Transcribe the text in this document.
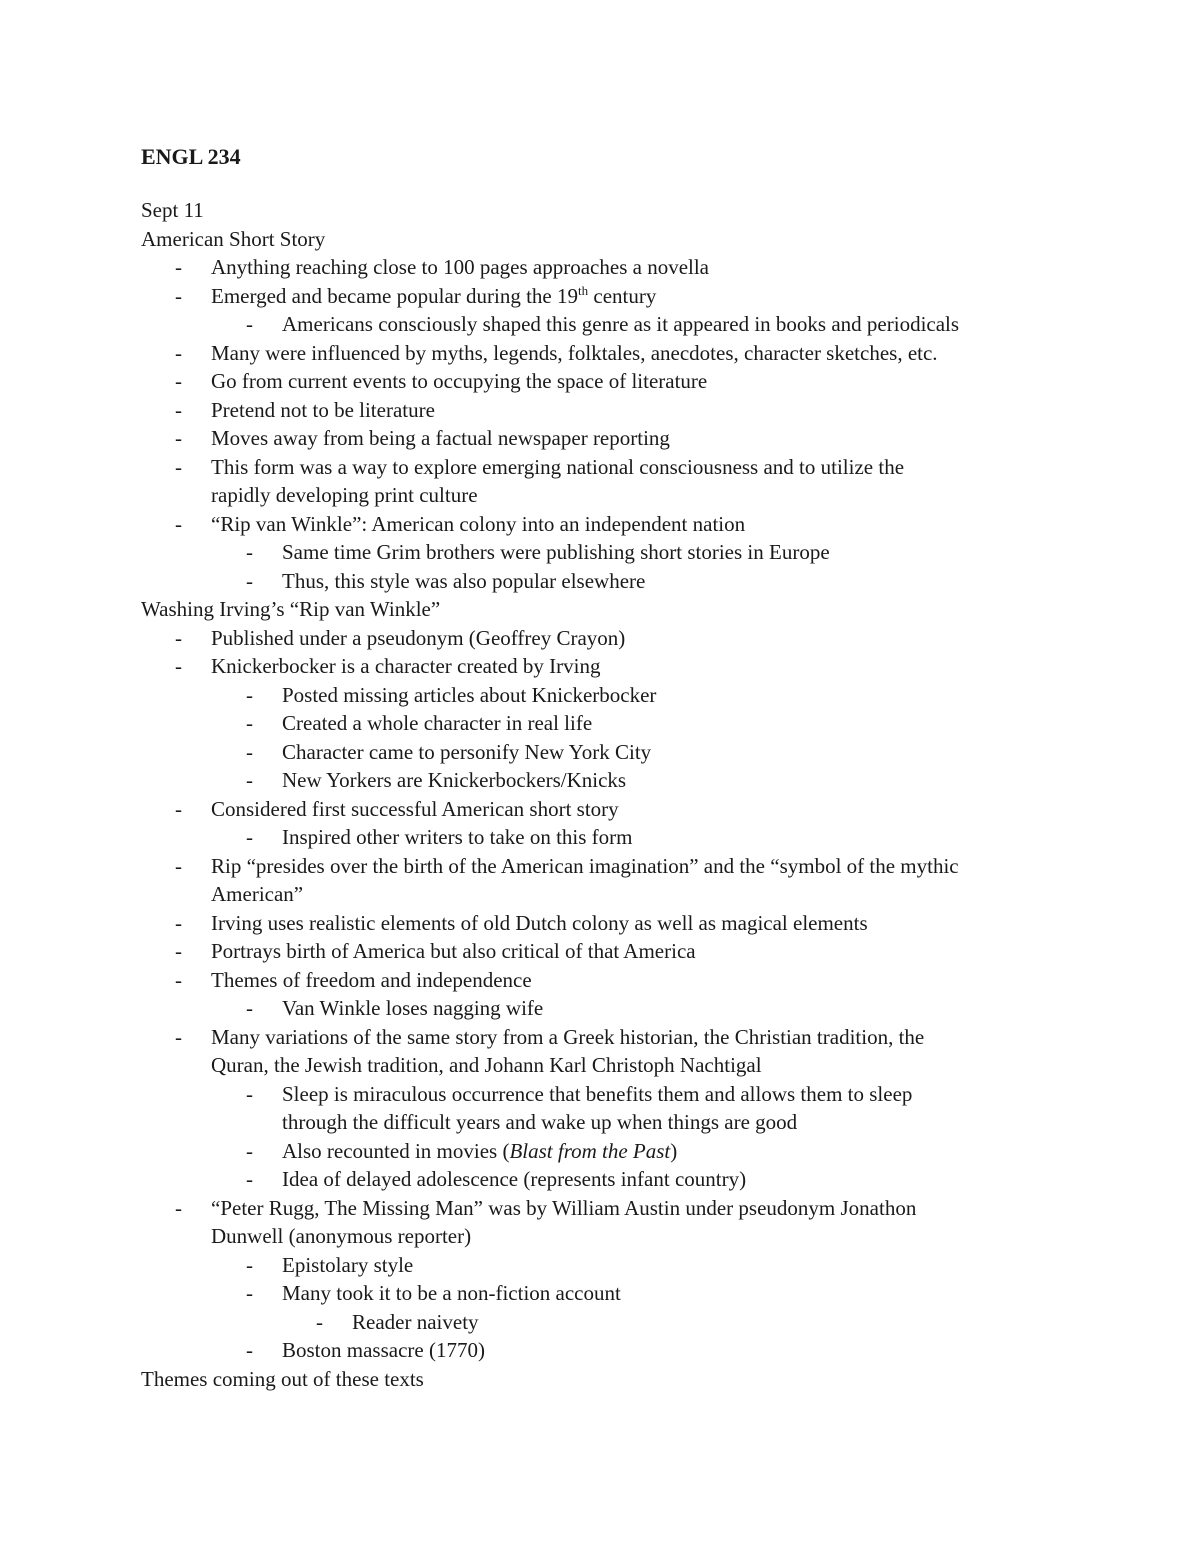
ENGL 234
Sept 11
American Short Story
- Anything reaching close to 100 pages approaches a novella
- Emerged and became popular during the 19th century
- Americans consciously shaped this genre as it appeared in books and periodicals
- Many were influenced by myths, legends, folktales, anecdotes, character sketches, etc.
- Go from current events to occupying the space of literature
- Pretend not to be literature
- Moves away from being a factual newspaper reporting
- This form was a way to explore emerging national consciousness and to utilize the
rapidly developing print culture
- “Rip van Winkle”: American colony into an independent nation
- Same time Grim brothers were publishing short stories in Europe
- Thus, this style was also popular elsewhere
Washing Irving’s “Rip van Winkle”
- Published under a pseudonym (Geoffrey Crayon)
- Knickerbocker is a character created by Irving
- Posted missing articles about Knickerbocker
- Created a whole character in real life
- Character came to personify New York City
- New Yorkers are Knickerbockers/Knicks
- Considered first successful American short story
- Inspired other writers to take on this form
- Rip “presides over the birth of the American imagination” and the “symbol of the mythic
American”
- Irving uses realistic elements of old Dutch colony as well as magical elements
- Portrays birth of America but also critical of that America
- Themes of freedom and independence
- Van Winkle loses nagging wife
- Many variations of the same story from a Greek historian, the Christian tradition, the
Quran, the Jewish tradition, and Johann Karl Christoph Nachtigal
- Sleep is miraculous occurrence that benefits them and allows them to sleep
through the difficult years and wake up when things are good
- Also recounted in movies (Blast from the Past)
- Idea of delayed adolescence (represents infant country)
- “Peter Rugg, The Missing Man” was by William Austin under pseudonym Jonathon
Dunwell (anonymous reporter)
- Epistolary style
- Many took it to be a non-fiction account
- Reader naivety
- Boston massacre (1770)
Themes coming out of these texts
